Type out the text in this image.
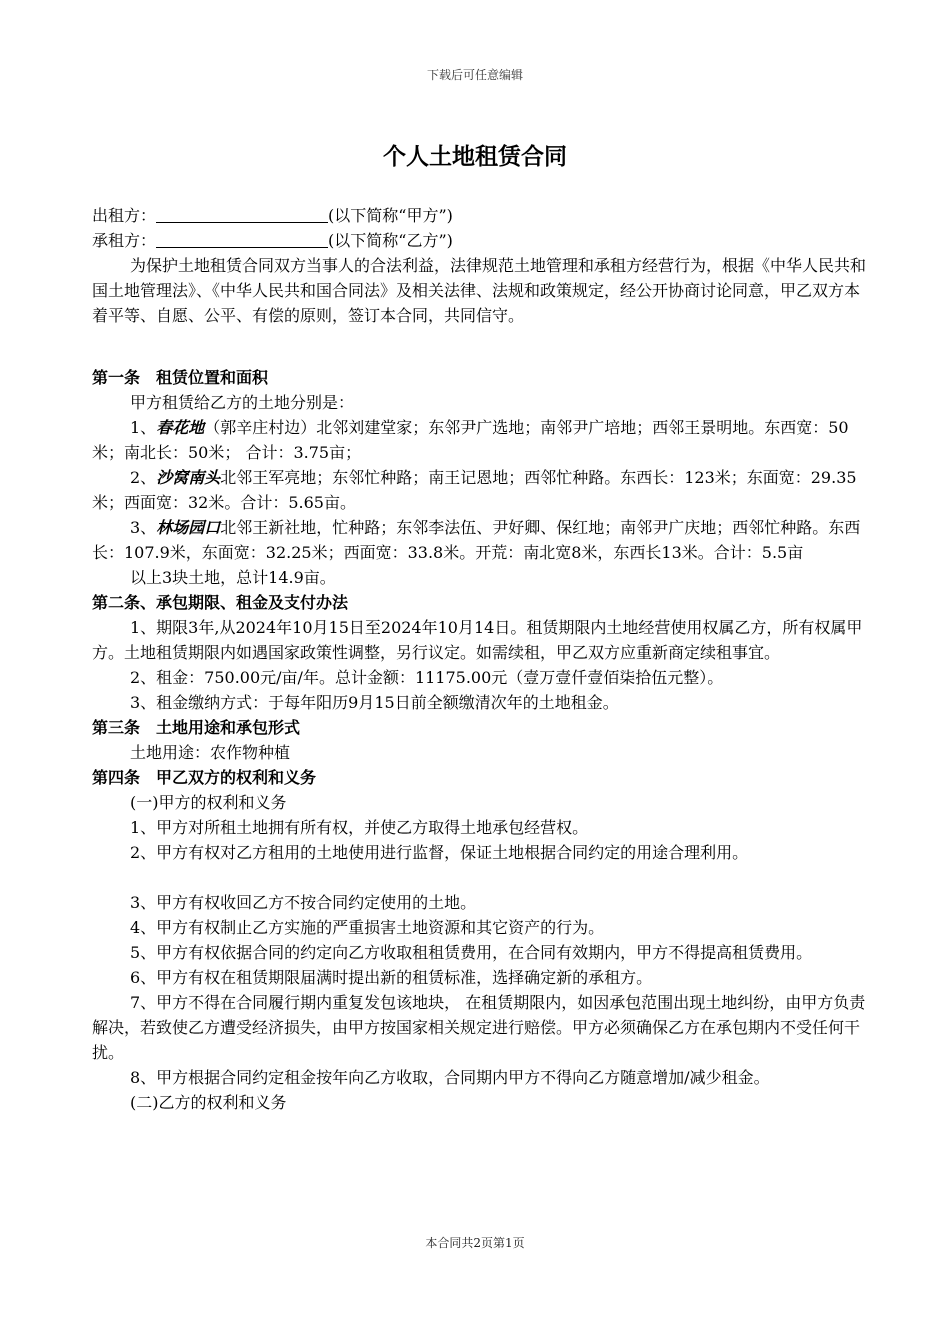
下载后可任意编辑
个人土地租赁合同

出租方：	(以下简称“甲方”)

承租方：	(以下简称“乙方”)

为保护土地租赁合同双方当事人的合法利益，法律规范土地管理和承租方经营行为，根据《中华人民共和国土地管理法》、《中华人民共和国合同法》及相关法律、法规和政策规定，经公开协商讨论同意，甲乙双方本着平等、自愿、公平、有偿的原则，签订本合同，共同信守。

第一条 租赁位置和面积

甲方租赁给乙方的土地分别是：

1、春花地（郭辛庄村边）北邻刘建堂家；东邻尹广选地；南邻尹广培地；西邻王景明地。东西宽：50米；南北长：50米； 合计：3.75亩；

2、沙窝南头北邻王军亮地；东邻忙种路；南王记恩地；西邻忙种路。东西长：123米；东面宽：29.35米；西面宽：32米。合计：5.65亩。

3、林场园口北邻王新社地，忙种路；东邻李法伍、尹好卿、保红地；南邻尹广庆地；西邻忙种路。东西长：107.9米，东面宽：32.25米；西面宽：33.8米。开荒：南北宽8米，东西长13米。合计：5.5亩

以上3块土地，总计14.9亩。

第二条、承包期限、租金及支付办法

1、期限3年,从2024年10月15日至2024年10月14日。租赁期限内土地经营使用权属乙方，所有权属甲方。土地租赁期限内如遇国家政策性调整，另行议定。如需续租，甲乙双方应重新商定续租事宜。

2、租金：750.00元/亩/年。总计金额：11175.00元（壹万壹仟壹佰柒拾伍元整）。

3、租金缴纳方式：于每年阳历9月15日前全额缴清次年的土地租金。

第三条 土地用途和承包形式

土地用途：农作物种植

第四条 甲乙双方的权利和义务

(一)甲方的权利和义务

1、甲方对所租土地拥有所有权，并使乙方取得土地承包经营权。

2、甲方有权对乙方租用的土地使用进行监督，保证土地根据合同约定的用途合理利用。

3、甲方有权收回乙方不按合同约定使用的土地。

4、甲方有权制止乙方实施的严重损害土地资源和其它资产的行为。

5、甲方有权依据合同的约定向乙方收取租租赁费用，在合同有效期内，甲方不得提高租赁费用。

6、甲方有权在租赁期限届满时提出新的租赁标准，选择确定新的承租方。

7、甲方不得在合同履行期内重复发包该地块， 在租赁期限内，如因承包范围出现土地纠纷，由甲方负责解决，若致使乙方遭受经济损失，由甲方按国家相关规定进行赔偿。甲方必须确保乙方在承包期内不受任何干扰。

8、甲方根据合同约定租金按年向乙方收取，合同期内甲方不得向乙方随意增加/减少租金。

(二)乙方的权利和义务

本合同共2页第1页
